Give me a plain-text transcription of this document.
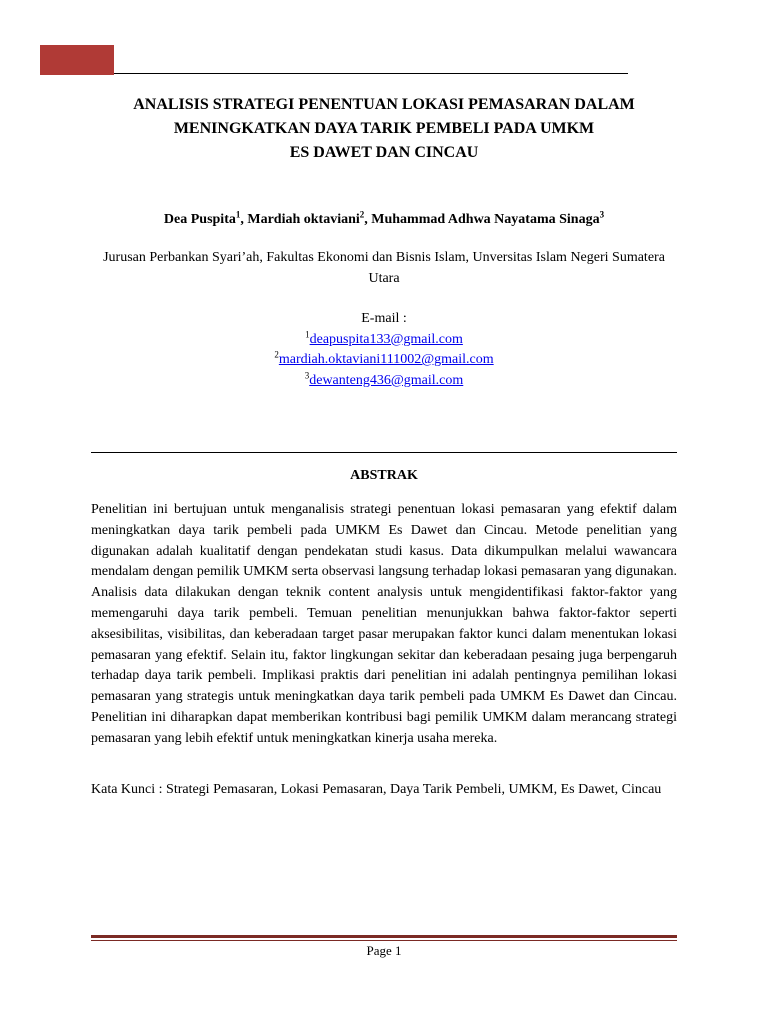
ANALISIS STRATEGI PENENTUAN LOKASI PEMASARAN DALAM
MENINGKATKAN DAYA TARIK PEMBELI PADA UMKM
ES DAWET DAN CINCAU
Dea Puspita$^1$, Mardiah oktaviani$^2$, Muhammad Adhwa Nayatama Sinaga$^3$
Jurusan Perbankan Syari’ah, Fakultas Ekonomi dan Bisnis Islam, Unversitas Islam Negeri Sumatera Utara
E-mail :
$^1$deapuspita133@gmail.com
$^2$mardiah.oktaviani111002@gmail.com
$^3$dewanteng436@gmail.com
ABSTRAK
Penelitian ini bertujuan untuk menganalisis strategi penentuan lokasi pemasaran yang efektif dalam meningkatkan daya tarik pembeli pada UMKM Es Dawet dan Cincau. Metode penelitian yang digunakan adalah kualitatif dengan pendekatan studi kasus. Data dikumpulkan melalui wawancara mendalam dengan pemilik UMKM serta observasi langsung terhadap lokasi pemasaran yang digunakan. Analisis data dilakukan dengan teknik content analysis untuk mengidentifikasi faktor-faktor yang memengaruhi daya tarik pembeli. Temuan penelitian menunjukkan bahwa faktor-faktor seperti aksesibilitas, visibilitas, dan keberadaan target pasar merupakan faktor kunci dalam menentukan lokasi pemasaran yang efektif. Selain itu, faktor lingkungan sekitar dan keberadaan pesaing juga berpengaruh terhadap daya tarik pembeli. Implikasi praktis dari penelitian ini adalah pentingnya pemilihan lokasi pemasaran yang strategis untuk meningkatkan daya tarik pembeli pada UMKM Es Dawet dan Cincau. Penelitian ini diharapkan dapat memberikan kontribusi bagi pemilik UMKM dalam merancang strategi pemasaran yang lebih efektif untuk meningkatkan kinerja usaha mereka.
Kata Kunci : Strategi Pemasaran, Lokasi Pemasaran, Daya Tarik Pembeli, UMKM, Es Dawet, Cincau
Page 1
